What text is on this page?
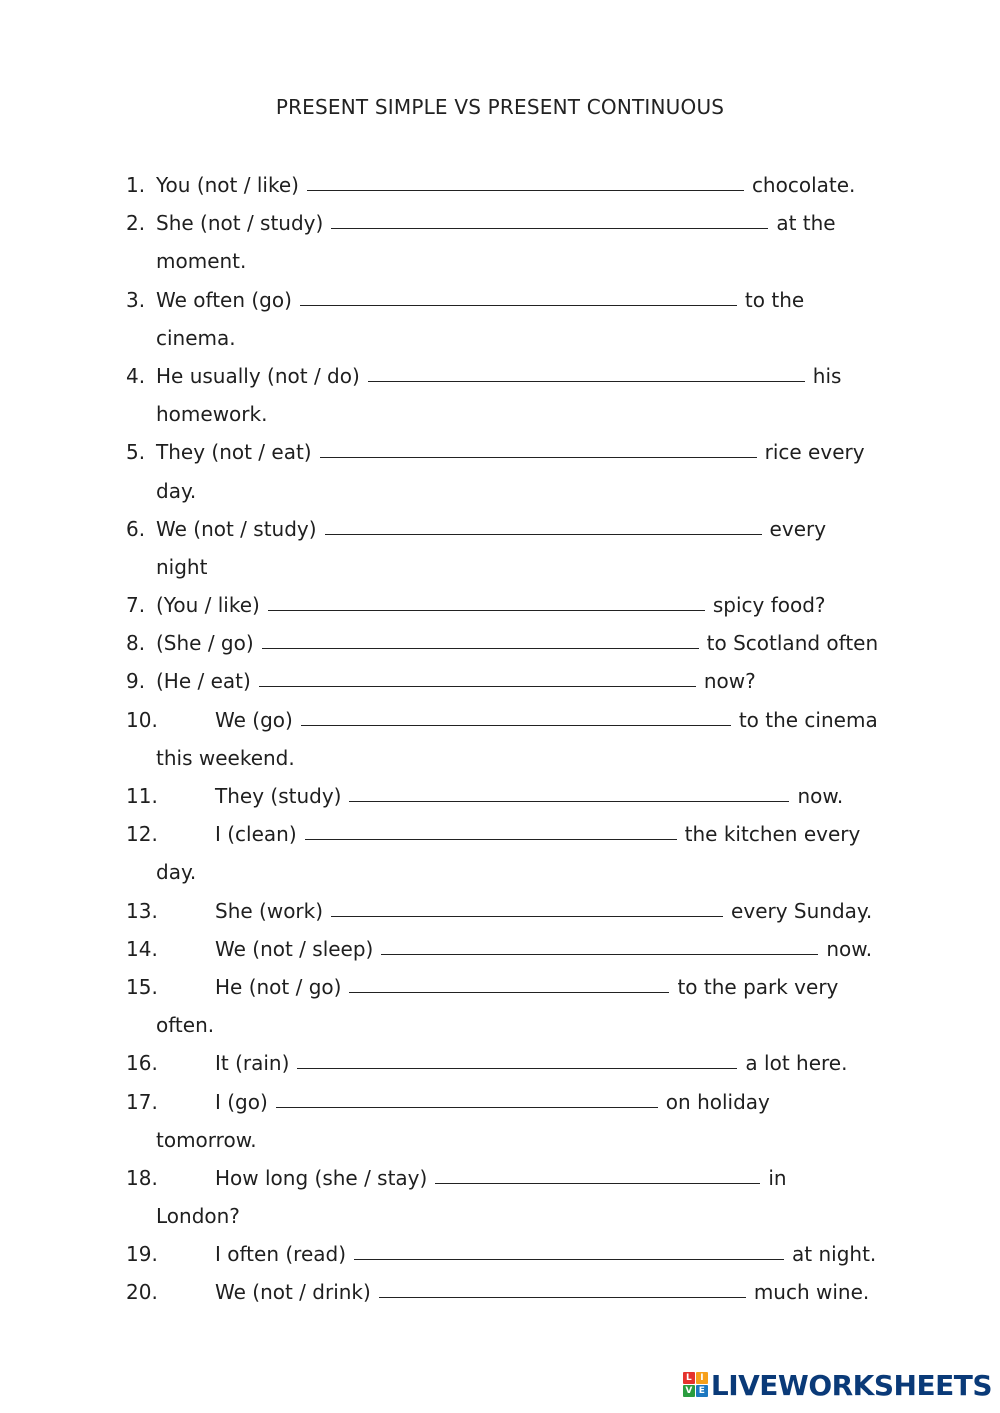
PRESENT SIMPLE VS PRESENT CONTINUOUS
1. You (not / like)	chocolate.
2. She (not / study)	at the
moment.
3. We often (go)	to the
cinema.
4. He usually (not / do)	his
homework.
5. They (not / eat)	rice every
day.
6. We (not / study)	every
night
7. (You / like)	spicy food?
8. (She / go)	to Scotland often
9. (He / eat)	now?
10.	We (go)	to the cinema
this weekend.
11.	They (study)	now.
12.	I (clean)	the kitchen every
day.
13.	She (work)	every Sunday.
14.	We (not / sleep)	now.
15.	He (not / go)	to the park very
often.
16.	It (rain)	a lot here.
17.	I (go)	on holiday
tomorrow.
18.	How long (she / stay)	in
London?
19.	I often (read)	at night.
20.	We (not / drink)	much wine.
L I
V E LIVEWORKSHEETS
